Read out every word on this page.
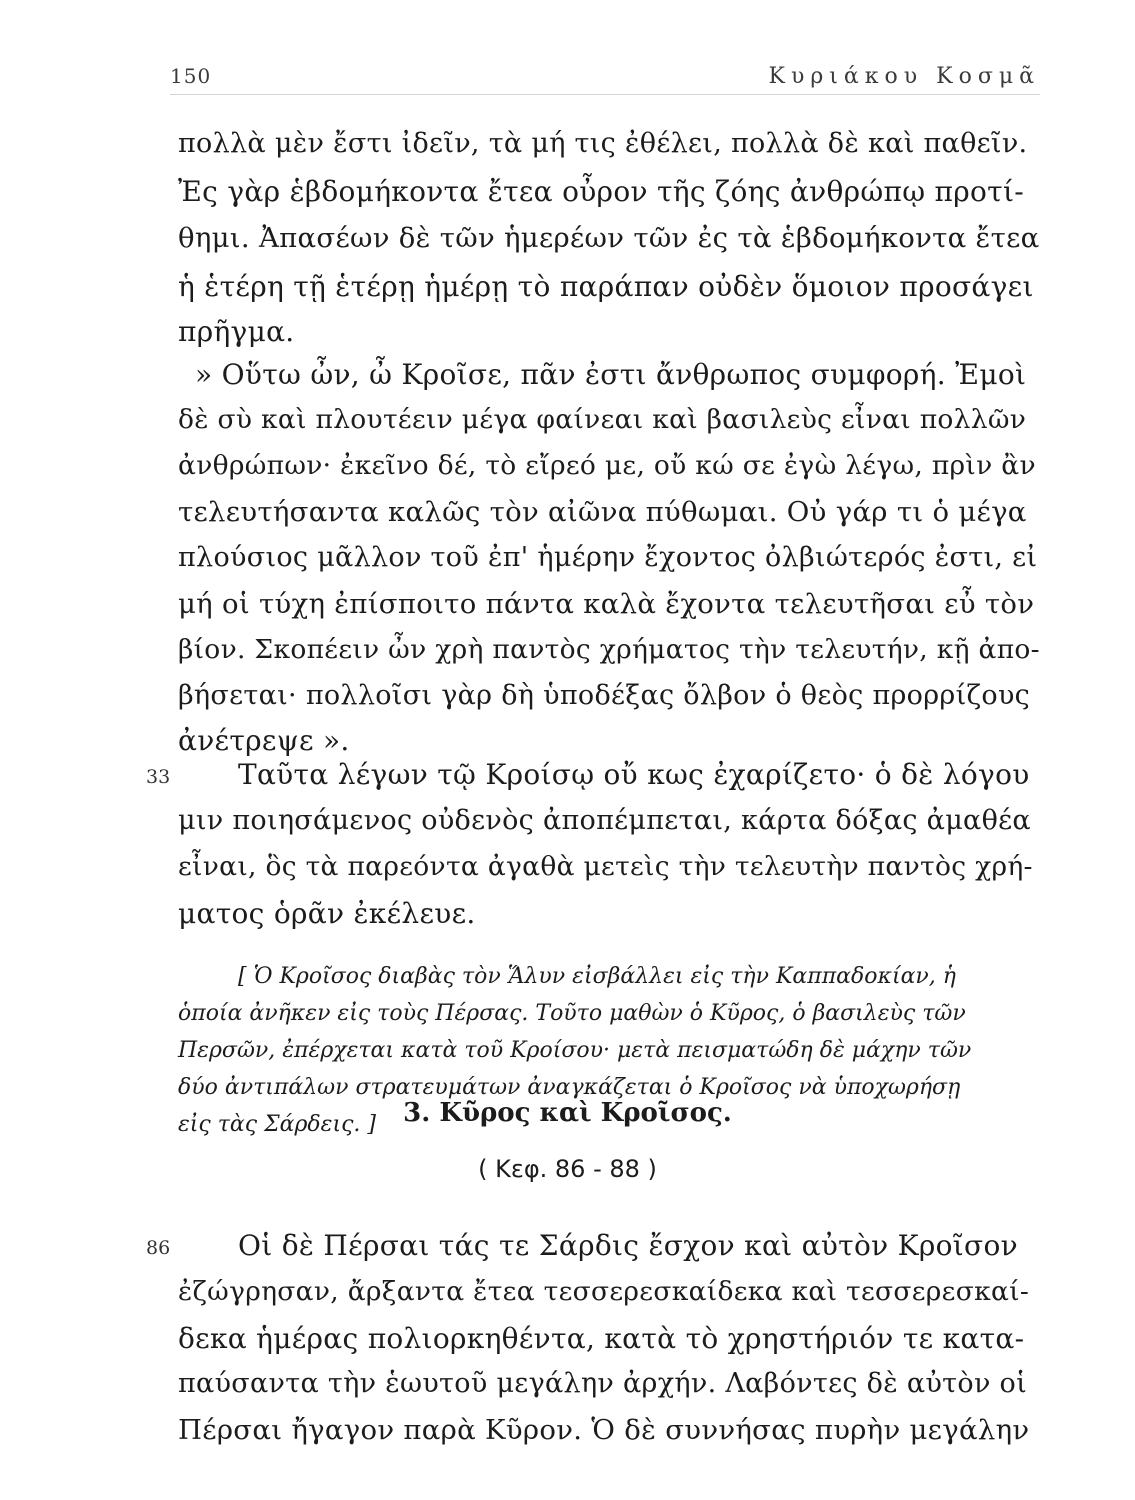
150	Κυριάκου Κοσμᾶ

πολλὰ μὲν ἔστι ἰδεῖν, τὰ μή τις ἐθέλει, πολλὰ δὲ καὶ παθεῖν.

Ἐς γὰρ ἑβδομήκοντα ἔτεα οὖρον τῆς ζόης ἀνθρώπῳ προτί-

θημι. Ἀπασέων δὲ τῶν ἡμερέων τῶν ἐς τὰ ἑβδομήκοντα ἔτεα

ἡ ἑτέρη τῇ ἑτέρῃ ἡμέρῃ τὸ παράπαν οὐδὲν ὅμοιον προσάγει

πρῆγμα.

» Οὕτω ὦν, ὦ Κροῖσε, πᾶν ἐστι ἄνθρωπος συμφορή. Ἐμοὶ

δὲ σὺ καὶ πλουτέειν μέγα φαίνεαι καὶ βασιλεὺς εἶναι πολλῶν

ἀνθρώπων· ἐκεῖνο δέ, τὸ εἴρεό με, οὔ κώ σε ἐγὼ λέγω, πρὶν ἂν

τελευτήσαντα καλῶς τὸν αἰῶνα πύθωμαι. Οὐ γάρ τι ὁ μέγα

πλούσιος μᾶλλον τοῦ ἐπ' ἡμέρην ἔχοντος ὀλβιώτερός ἐστι, εἰ

μή οἱ τύχη ἐπίσποιτο πάντα καλὰ ἔχοντα τελευτῆσαι εὖ τὸν

βίον. Σκοπέειν ὦν χρὴ παντὸς χρήματος τὴν τελευτήν, κῇ ἀπο-

βήσεται· πολλοῖσι γὰρ δὴ ὑποδέξας ὄλβον ὁ θεὸς προρρίζους

ἀνέτρεψε ».

33 Ταῦτα λέγων τῷ Κροίσῳ οὔ κως ἐχαρίζετο· ὁ δὲ λόγου

μιν ποιησάμενος οὐδενὸς ἀποπέμπεται, κάρτα δόξας ἀμαθέα

εἶναι, ὃς τὰ παρεόντα ἀγαθὰ μετεὶς τὴν τελευτὴν παντὸς χρή-

ματος ὁρᾶν ἐκέλευε.

[ Ὁ Κροῖσος διαβὰς τὸν Ἅλυν εἰσβάλλει εἰς τὴν Καππαδοκίαν, ἡ

ὁποία ἀνῆκεν εἰς τοὺς Πέρσας. Τοῦτο μαθὼν ὁ Κῦρος, ὁ βασιλεὺς τῶν

Περσῶν, ἐπέρχεται κατὰ τοῦ Κροίσου· μετὰ πεισματώδη δὲ μάχην τῶν

δύο ἀντιπάλων στρατευμάτων ἀναγκάζεται ὁ Κροῖσος νὰ ὑποχωρήσῃ

εἰς τὰς Σάρδεις. ]	3. Κῦρος καὶ Κροῖσος.

( Κεφ. 86 - 88 )

86 Οἱ δὲ Πέρσαι τάς τε Σάρδις ἔσχον καὶ αὐτὸν Κροῖσον

ἐζώγρησαν, ἄρξαντα ἔτεα τεσσερεσκαίδεκα καὶ τεσσερεσκαί-

δεκα ἡμέρας πολιορκηθέντα, κατὰ τὸ χρηστήριόν τε κατα-

παύσαντα τὴν ἑωυτοῦ μεγάλην ἀρχήν. Λαβόντες δὲ αὐτὸν οἱ

Πέρσαι ἤγαγον παρὰ Κῦρον. Ὁ δὲ συννήσας πυρὴν μεγάλην
